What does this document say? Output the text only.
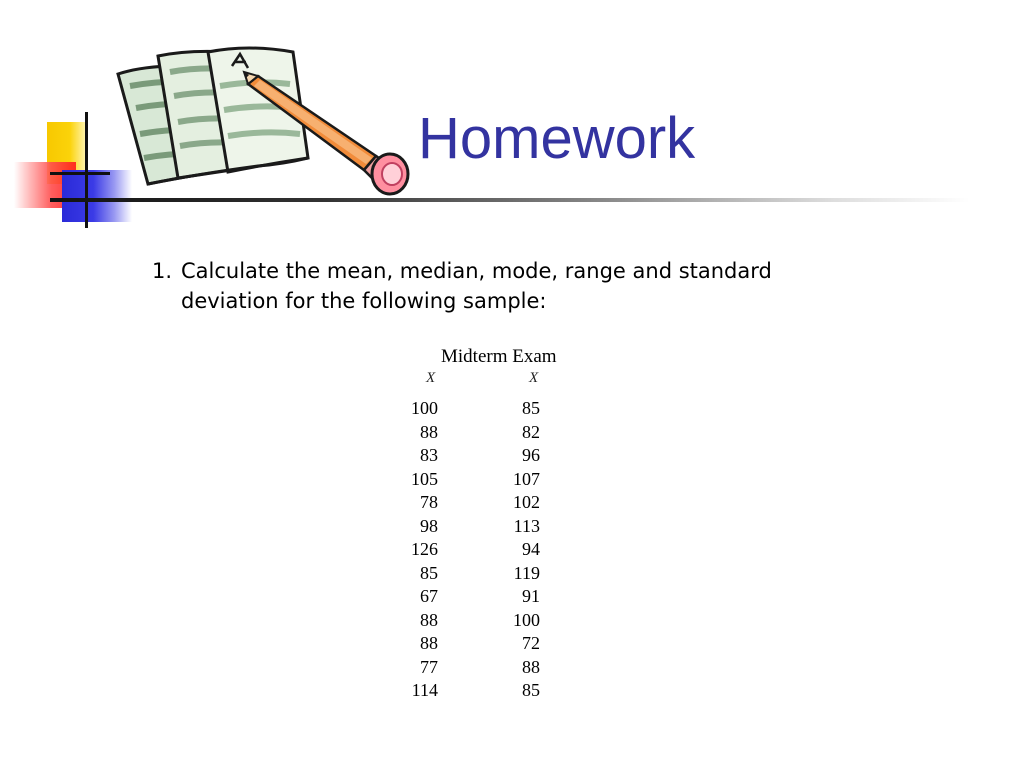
Homework
1. Calculate the mean, median, mode, range and standard deviation for the following sample:
Midterm Exam
X	X
100
88
83
105
78
98
126
85
67
88
88
77
114
85
82
96
107
102
113
94
119
91
100
72
88
85
